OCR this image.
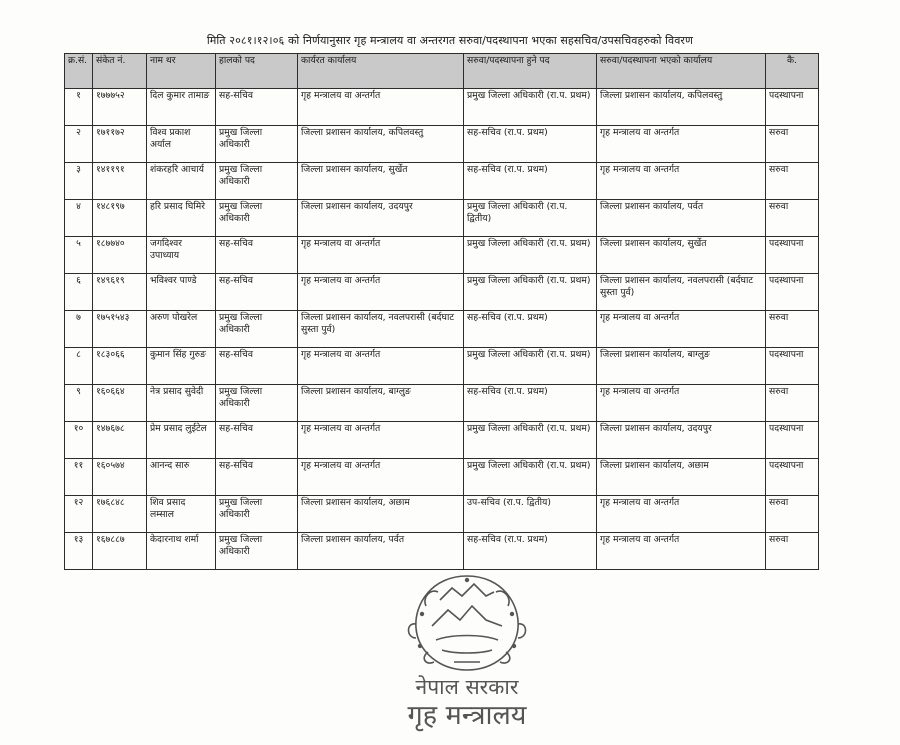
मिति २०८१।१२।०६ को निर्णयानुसार गृह मन्त्रालय वा अन्तरगत सरुवा/पदस्थापना भएका सहसचिव/उपसचिवहरुको विवरण
क्र.सं.	संकेत नं.	नाम थर	हालको पद	कार्यरत कार्यालय	सरुवा/पदस्थापना हुने पद	सरुवा/पदस्थापना भएको कार्यालय	कै.
१	१७७७५२	दिल कुमार तामाङ	सह-सचिव	गृह मन्त्रालय वा अन्तर्गत	प्रमुख जिल्ला अधिकारी (रा.प. प्रथम)	जिल्ला प्रशासन कार्यालय, कपिलवस्तु	पदस्थापना
२	१७११७२	विश्व प्रकाश अर्याल	प्रमुख जिल्ला अधिकारी	जिल्ला प्रशासन कार्यालय, कपिलवस्तु	सह-सचिव (रा.प. प्रथम)	गृह मन्त्रालय वा अन्तर्गत	सरुवा
३	१४११९१	शंकरहरि आचार्य	प्रमुख जिल्ला अधिकारी	जिल्ला प्रशासन कार्यालय, सुर्खेत	सह-सचिव (रा.प. प्रथम)	गृह मन्त्रालय वा अन्तर्गत	सरुवा
४	१४८१९७	हरि प्रसाद घिमिरे	प्रमुख जिल्ला अधिकारी	जिल्ला प्रशासन कार्यालय, उदयपुर	प्रमुख जिल्ला अधिकारी (रा.प. द्वितीय)	जिल्ला प्रशासन कार्यालय, पर्वत	सरुवा
५	१८७७४०	जगदिश्वर उपाध्याय	सह-सचिव	गृह मन्त्रालय वा अन्तर्गत	प्रमुख जिल्ला अधिकारी (रा.प. प्रथम)	जिल्ला प्रशासन कार्यालय, सुर्खेत	पदस्थापना
६	१४९६१९	भविश्वर पाण्डे	सह-सचिव	गृह मन्त्रालय वा अन्तर्गत	प्रमुख जिल्ला अधिकारी (रा.प. प्रथम)	जिल्ला प्रशासन कार्यालय, नवलपरासी (बर्दघाट सुस्ता पुर्व)	पदस्थापना
७	१७५१५४३	अरुण पोखरेल	प्रमुख जिल्ला अधिकारी	जिल्ला प्रशासन कार्यालय, नवलपरासी (बर्दघाट सुस्ता पुर्व)	सह-सचिव (रा.प. प्रथम)	गृह मन्त्रालय वा अन्तर्गत	सरुवा
८	१८३०६६	कुमान सिंह गुरुङ	सह-सचिव	गृह मन्त्रालय वा अन्तर्गत	प्रमुख जिल्ला अधिकारी (रा.प. प्रथम)	जिल्ला प्रशासन कार्यालय, बाग्लुङ	पदस्थापना
९	१६०६६४	नेत्र प्रसाद सुवेदी	प्रमुख जिल्ला अधिकारी	जिल्ला प्रशासन कार्यालय, बाग्लुङ	सह-सचिव (रा.प. प्रथम)	गृह मन्त्रालय वा अन्तर्गत	सरुवा
१०	१४७६७८	प्रेम प्रसाद लुईटेल	सह-सचिव	गृह मन्त्रालय वा अन्तर्गत	प्रमुख जिल्ला अधिकारी (रा.प. प्रथम)	जिल्ला प्रशासन कार्यालय, उदयपुर	पदस्थापना
११	१६०५७४	आनन्द सारु	सह-सचिव	गृह मन्त्रालय वा अन्तर्गत	प्रमुख जिल्ला अधिकारी (रा.प. प्रथम)	जिल्ला प्रशासन कार्यालय, अछाम	पदस्थापना
१२	१७६८४८	शिव प्रसाद लम्साल	प्रमुख जिल्ला अधिकारी	जिल्ला प्रशासन कार्यालय, अछाम	उप-सचिव (रा.प. द्वितीय)	गृह मन्त्रालय वा अन्तर्गत	सरुवा
१३	१६७८८७	केदारनाथ शर्मा	प्रमुख जिल्ला अधिकारी	जिल्ला प्रशासन कार्यालय, पर्वत	सह-सचिव (रा.प. प्रथम)	गृह मन्त्रालय वा अन्तर्गत	सरुवा
नेपाल सरकार
गृह मन्त्रालय
